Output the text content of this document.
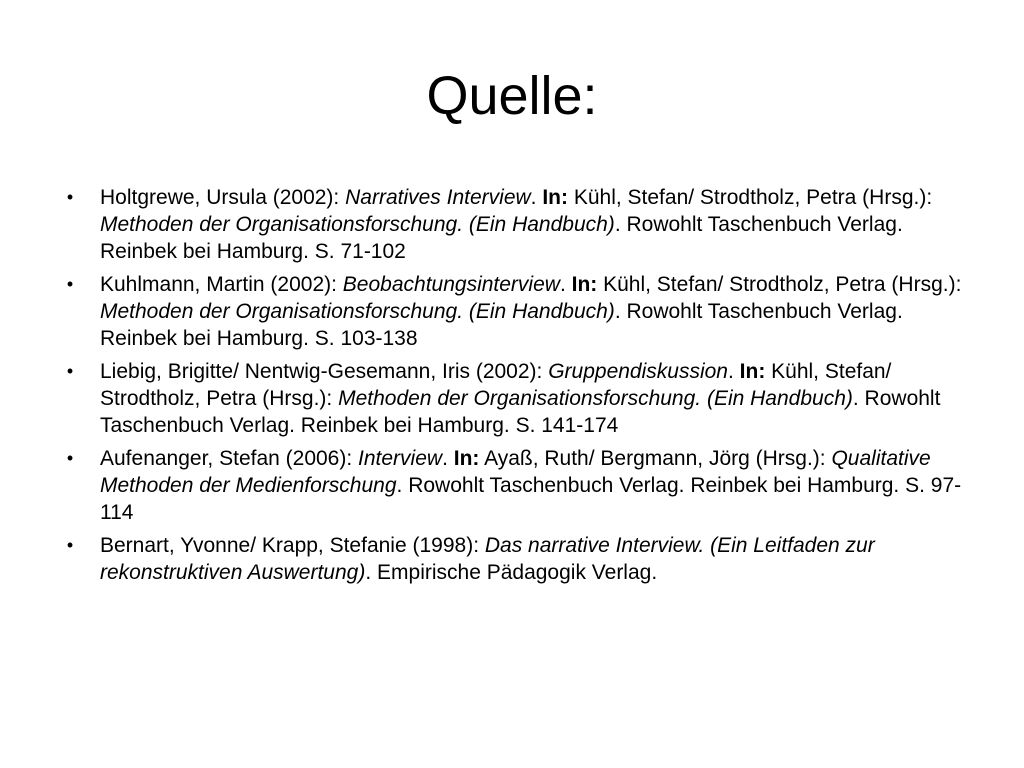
Quelle:
•	Holtgrewe, Ursula (2002): Narratives Interview. In: Kühl, Stefan/ Strodtholz, Petra (Hrsg.): Methoden der Organisationsforschung. (Ein Handbuch). Rowohlt Taschenbuch Verlag. Reinbek bei Hamburg. S. 71-102
•	Kuhlmann, Martin (2002): Beobachtungsinterview. In: Kühl, Stefan/ Strodtholz, Petra (Hrsg.): Methoden der Organisationsforschung. (Ein Handbuch). Rowohlt Taschenbuch Verlag. Reinbek bei Hamburg. S. 103-138
•	Liebig, Brigitte/ Nentwig-Gesemann, Iris (2002): Gruppendiskussion. In: Kühl, Stefan/ Strodtholz, Petra (Hrsg.): Methoden der Organisationsforschung. (Ein Handbuch). Rowohlt Taschenbuch Verlag. Reinbek bei Hamburg. S. 141-174
•	Aufenanger, Stefan (2006): Interview. In: Ayaß, Ruth/ Bergmann, Jörg (Hrsg.): Qualitative Methoden der Medienforschung. Rowohlt Taschenbuch Verlag. Reinbek bei Hamburg. S. 97-114
•	Bernart, Yvonne/ Krapp, Stefanie (1998): Das narrative Interview. (Ein Leitfaden zur rekonstruktiven Auswertung). Empirische Pädagogik Verlag.
